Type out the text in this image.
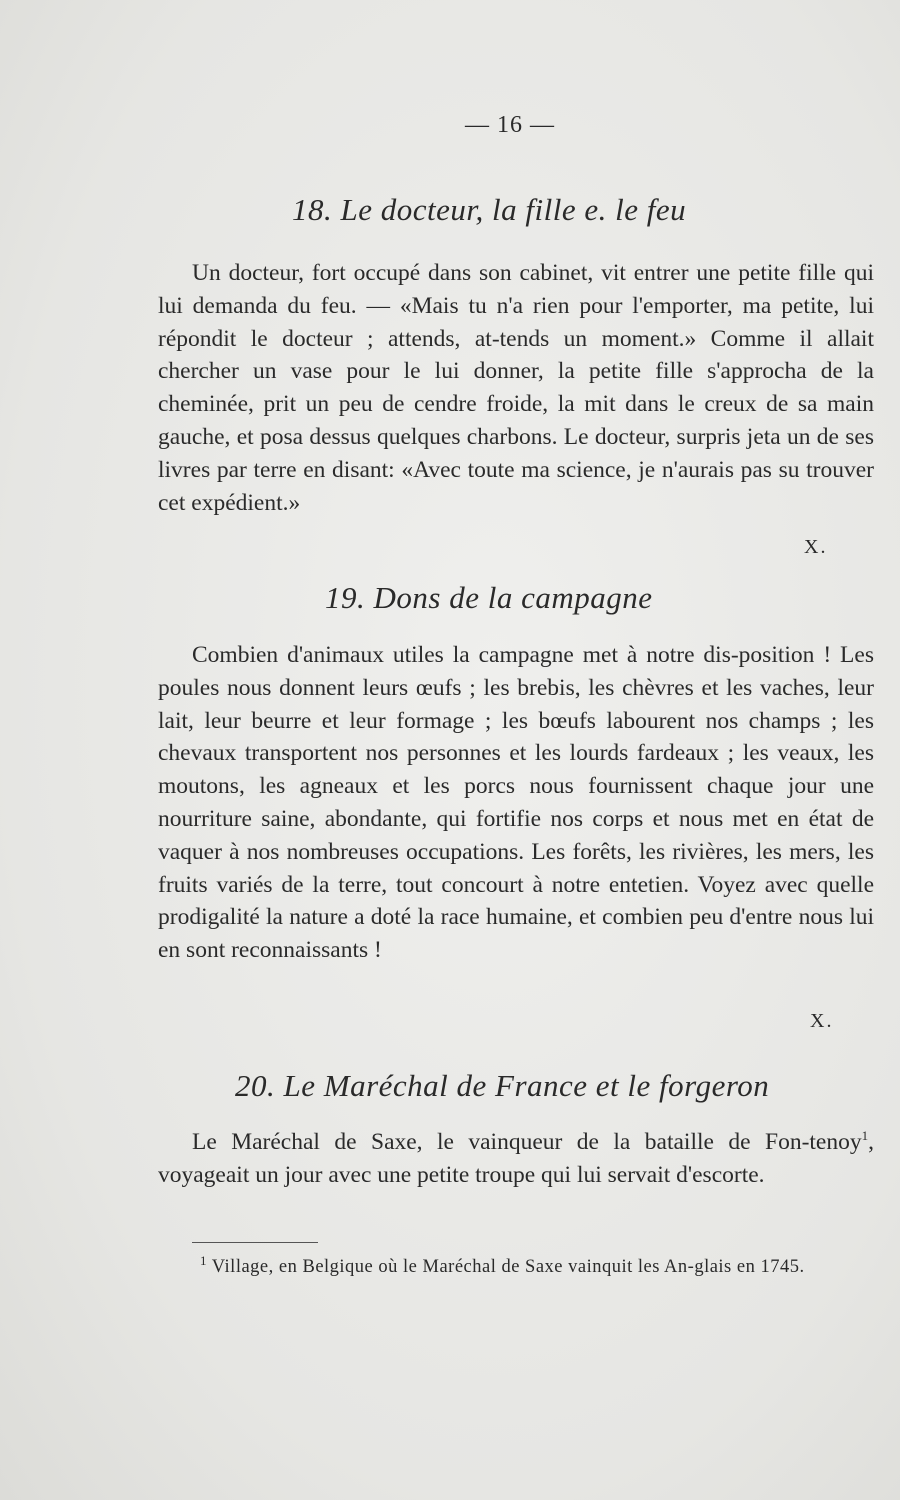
— 16 —
18. Le docteur, la fille e. le feu

Un docteur, fort occupé dans son cabinet, vit entrer une petite fille qui lui demanda du feu. — «Mais tu n'a rien pour l'emporter, ma petite, lui répondit le docteur ; attends, at-tends un moment.» Comme il allait chercher un vase pour le lui donner, la petite fille s'approcha de la cheminée, prit un peu de cendre froide, la mit dans le creux de sa main gauche, et posa dessus quelques charbons. Le docteur, surpris jeta un de ses livres par terre en disant: «Avec toute ma science, je n'aurais pas su trouver cet expédient.»

X.
19. Dons de la campagne

Combien d'animaux utiles la campagne met à notre dis-position ! Les poules nous donnent leurs œufs ; les brebis, les chèvres et les vaches, leur lait, leur beurre et leur formage ; les bœufs labourent nos champs ; les chevaux transportent nos personnes et les lourds fardeaux ; les veaux, les moutons, les agneaux et les porcs nous fournissent chaque jour une nourriture saine, abondante, qui fortifie nos corps et nous met en état de vaquer à nos nombreuses occupations. Les forêts, les rivières, les mers, les fruits variés de la terre, tout concourt à notre entetien. Voyez avec quelle prodigalité la nature a doté la race humaine, et combien peu d'entre nous lui en sont reconnaissants !

X.
20. Le Maréchal de France et le forgeron

Le Maréchal de Saxe, le vainqueur de la bataille de Fon-tenoy$^1$, voyageait un jour avec une petite troupe qui lui servait d'escorte.

$^1$ Village, en Belgique où le Maréchal de Saxe vainquit les An-glais en 1745.
